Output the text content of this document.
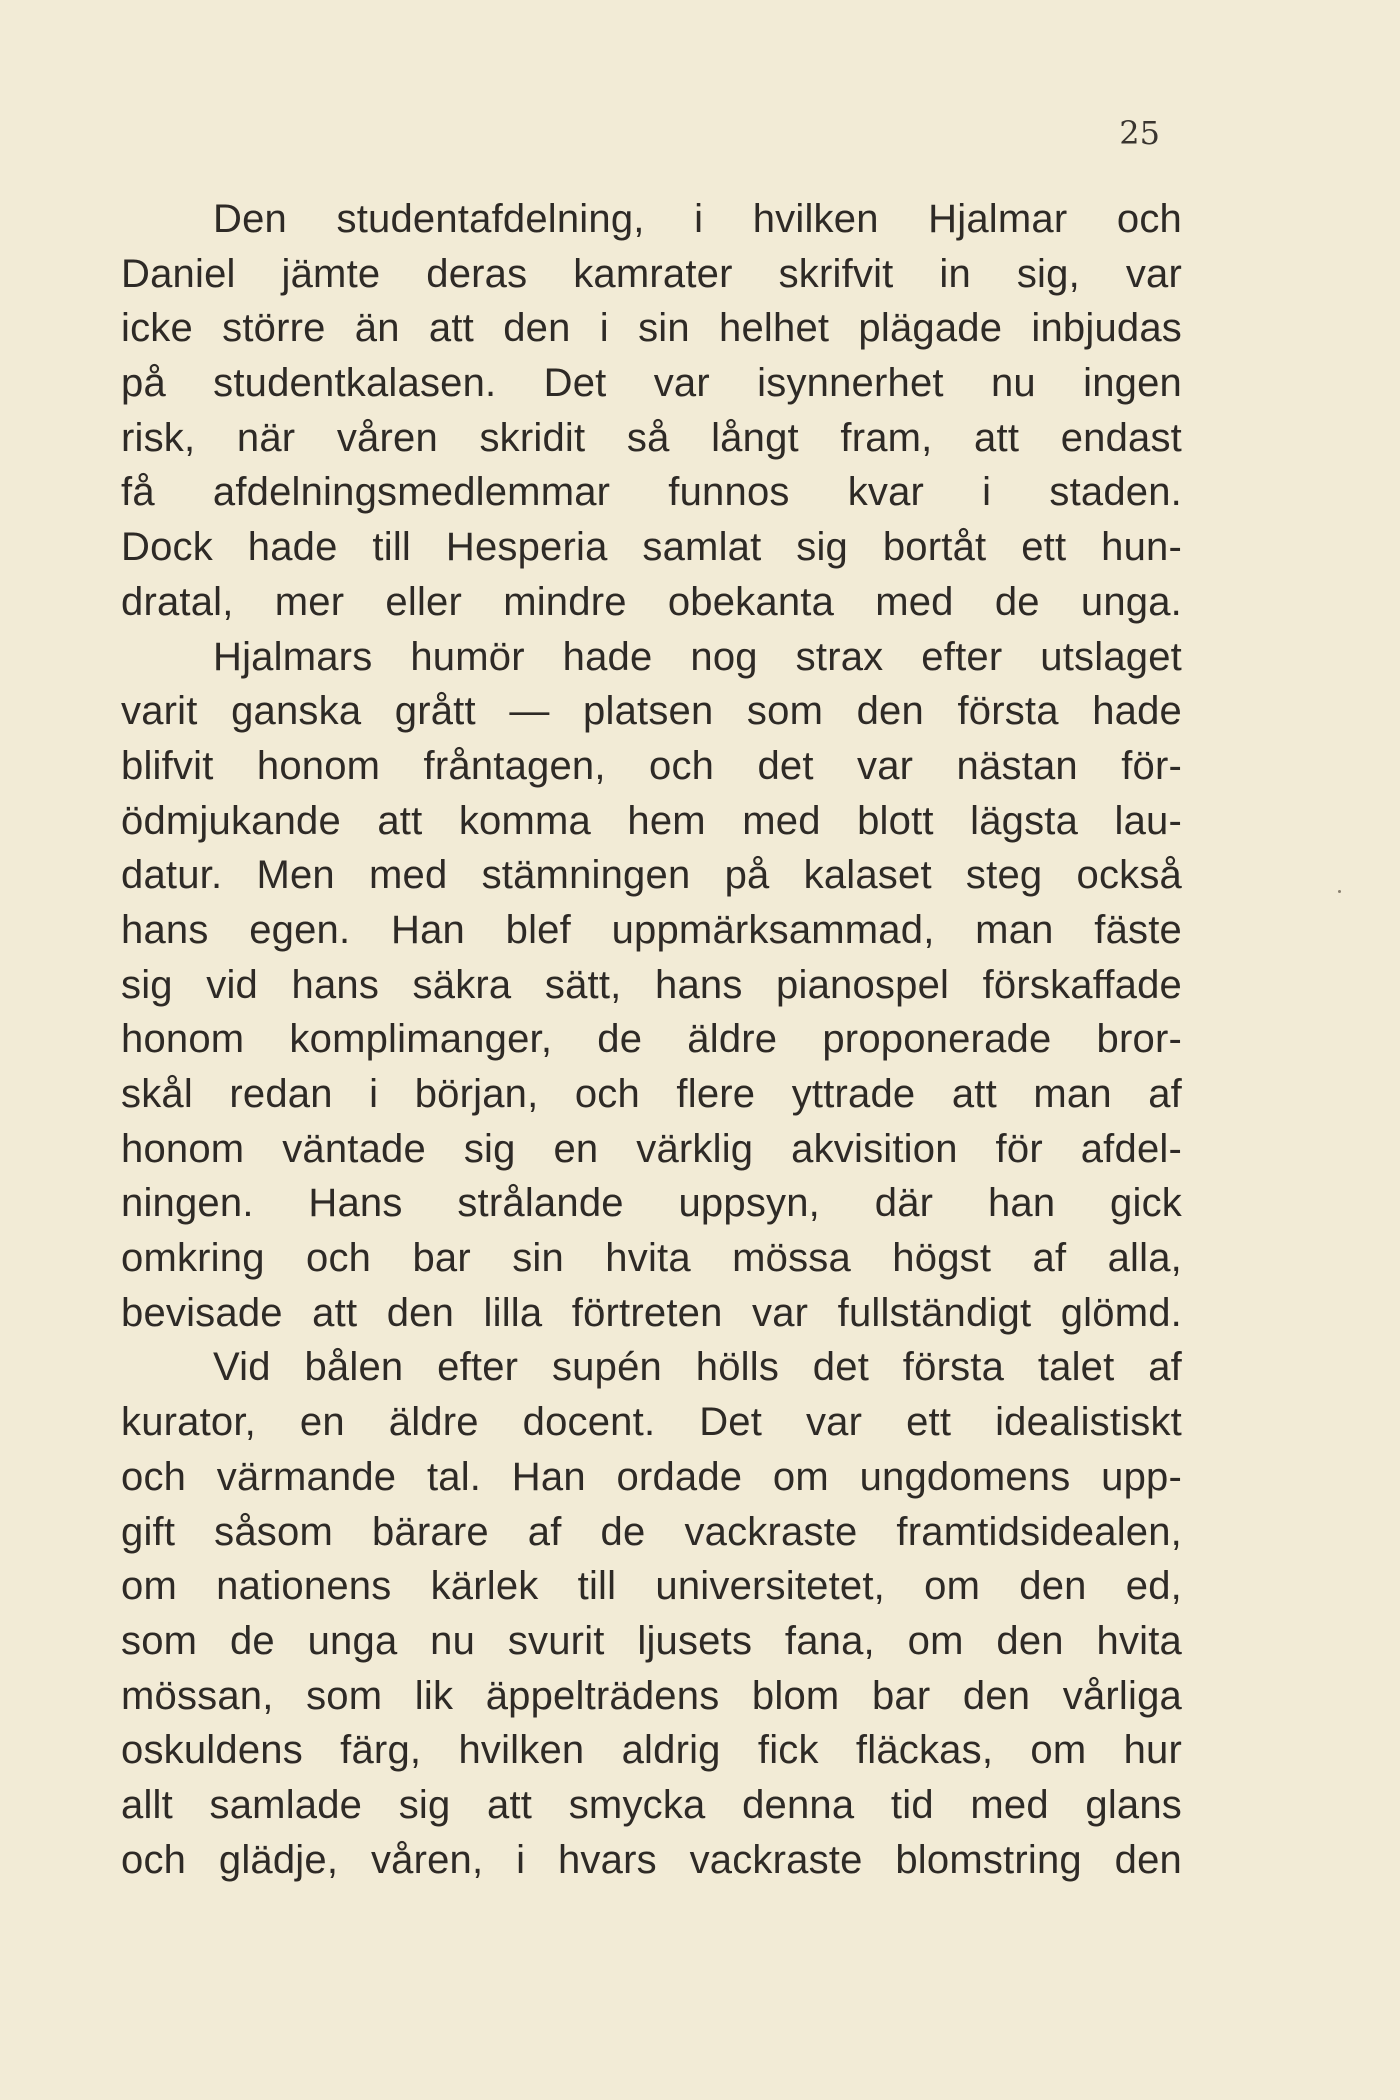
25
Den studentafdelning, i hvilken Hjalmar och
Daniel jämte deras kamrater skrifvit in sig, var
icke större än att den i sin helhet plägade inbjudas
på studentkalasen. Det var isynnerhet nu ingen
risk, när våren skridit så långt fram, att endast
få afdelningsmedlemmar funnos kvar i staden.
Dock hade till Hesperia samlat sig bortåt ett hun-
dratal, mer eller mindre obekanta med de unga.
Hjalmars humör hade nog strax efter utslaget
varit ganska grått — platsen som den första hade
blifvit honom fråntagen, och det var nästan för-
ödmjukande att komma hem med blott lägsta lau-
datur. Men med stämningen på kalaset steg också
hans egen. Han blef uppmärksammad, man fäste
sig vid hans säkra sätt, hans pianospel förskaffade
honom komplimanger, de äldre proponerade bror-
skål redan i början, och flere yttrade att man af
honom väntade sig en värklig akvisition för afdel-
ningen. Hans strålande uppsyn, där han gick
omkring och bar sin hvita mössa högst af alla,
bevisade att den lilla förtreten var fullständigt glömd.
Vid bålen efter supén hölls det första talet af
kurator, en äldre docent. Det var ett idealistiskt
och värmande tal. Han ordade om ungdomens upp-
gift såsom bärare af de vackraste framtidsidealen,
om nationens kärlek till universitetet, om den ed,
som de unga nu svurit ljusets fana, om den hvita
mössan, som lik äppelträdens blom bar den vårliga
oskuldens färg, hvilken aldrig fick fläckas, om hur
allt samlade sig att smycka denna tid med glans
och glädje, våren, i hvars vackraste blomstring den
